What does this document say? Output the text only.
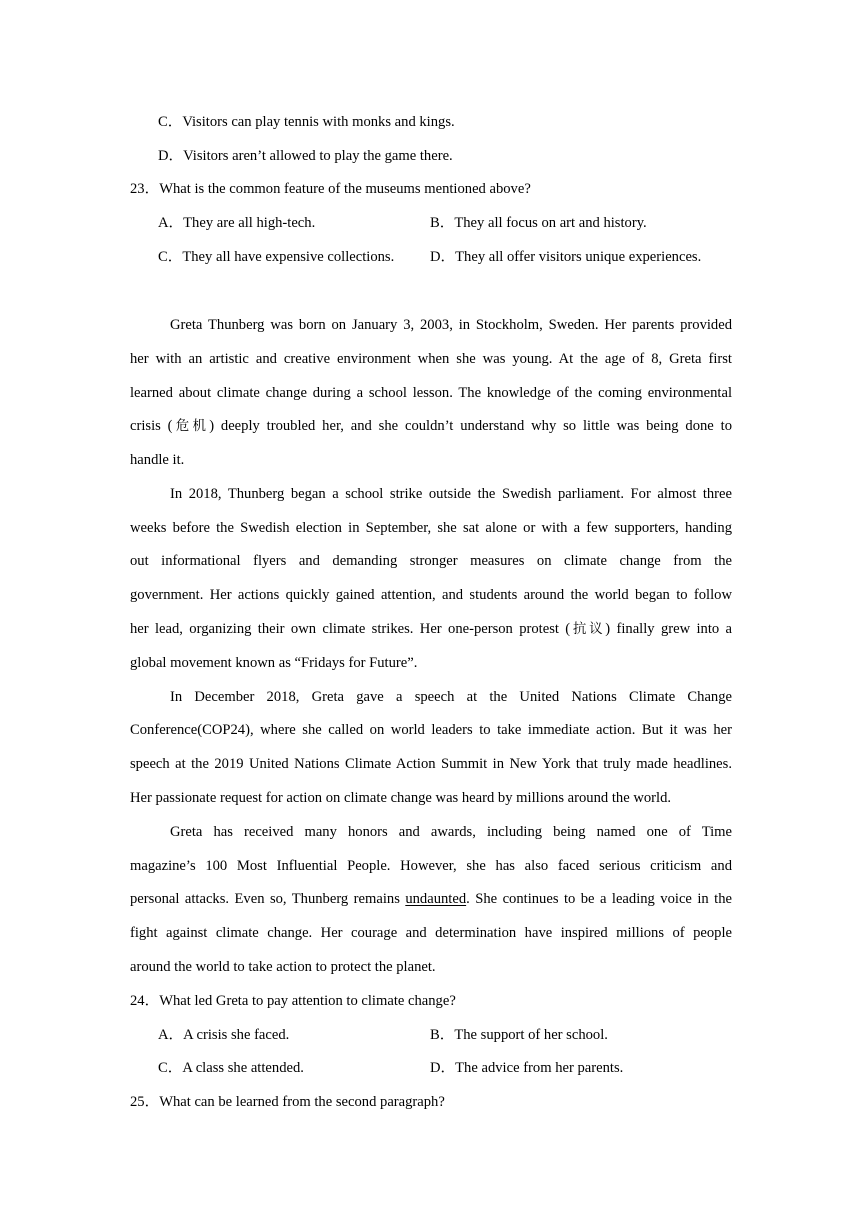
C．Visitors can play tennis with monks and kings.
D．Visitors aren’t allowed to play the game there.
23．What is the common feature of the museums mentioned above?
A．They are all high-tech.	B．They all focus on art and history.
C．They all have expensive collections. D．They all offer visitors unique experiences.
Greta Thunberg was born on January 3, 2003, in Stockholm, Sweden. Her parents provided
her with an artistic and creative environment when she was young. At the age of 8, Greta first
learned about climate change during a school lesson. The knowledge of the coming environmental
crisis (危机) deeply troubled her, and she couldn’t understand why so little was being done to
handle it.
In 2018, Thunberg began a school strike outside the Swedish parliament. For almost three
weeks before the Swedish election in September, she sat alone or with a few supporters, handing
out informational flyers and demanding stronger measures on climate change from the
government. Her actions quickly gained attention, and students around the world began to follow
her lead, organizing their own climate strikes. Her one-person protest (抗议) finally grew into a
global movement known as “Fridays for Future”.
In December 2018, Greta gave a speech at the United Nations Climate Change
Conference(COP24), where she called on world leaders to take immediate action. But it was her
speech at the 2019 United Nations Climate Action Summit in New York that truly made headlines.
Her passionate request for action on climate change was heard by millions around the world.
Greta has received many honors and awards, including being named one of Time
magazine’s 100 Most Influential People. However, she has also faced serious criticism and
personal attacks. Even so, Thunberg remains undaunted. She continues to be a leading voice in the
fight against climate change. Her courage and determination have inspired millions of people
around the world to take action to protect the planet.
24．What led Greta to pay attention to climate change?
A．A crisis she faced.	B．The support of her school.
C．A class she attended.	D．The advice from her parents.
25．What can be learned from the second paragraph?
